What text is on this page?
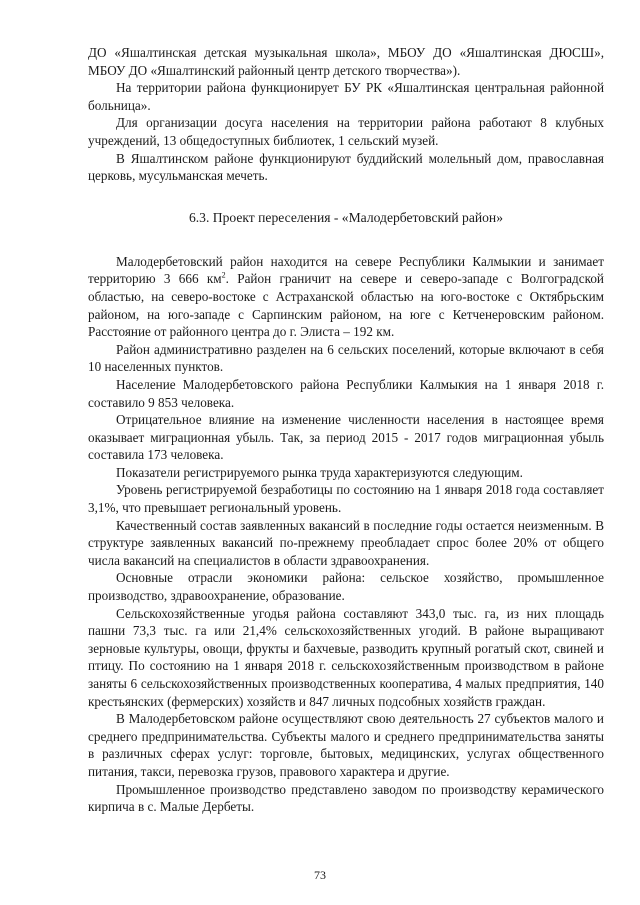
ДО «Яшалтинская детская музыкальная школа», МБОУ ДО «Яшалтинская ДЮСШ», МБОУ ДО «Яшалтинский районный центр детского творчества»).

На территории района функционирует БУ РК «Яшалтинская центральная районной больница».

Для организации досуга населения на территории района работают 8 клубных учреждений, 13 общедоступных библиотек, 1 сельский музей.

В Яшалтинском районе функционируют буддийский молельный дом, православная церковь, мусульманская мечеть.

6.3. Проект переселения - «Малодербетовский район»

Малодербетовский район находится на севере Республики Калмыкии и занимает территорию 3 666 $км^2$. Район граничит на севере и северо-западе с Волгоградской областью, на северо-востоке с Астраханской областью на юго-востоке с Октябрьским районом, на юго-западе с Сарпинским районом, на юге с Кетченеровским районом. Расстояние от районного центра до г. Элиста – 192 км.

Район административно разделен на 6 сельских поселений, которые включают в себя 10 населенных пунктов.

Население Малодербетовского района Республики Калмыкия на 1 января 2018 г. составило 9 853 человека.

Отрицательное влияние на изменение численности населения в настоящее время оказывает миграционная убыль. Так, за период 2015 - 2017 годов миграционная убыль составила 173 человека.

Показатели регистрируемого рынка труда характеризуются следующим.

Уровень регистрируемой безработицы по состоянию на 1 января 2018 года составляет 3,1%, что превышает региональный уровень.

Качественный состав заявленных вакансий в последние годы остается неизменным. В структуре заявленных вакансий по-прежнему преобладает спрос более 20% от общего числа вакансий на специалистов в области здравоохранения.

Основные отрасли экономики района: сельское хозяйство, промышленное производство, здравоохранение, образование.

Сельскохозяйственные угодья района составляют 343,0 тыс. га, из них площадь пашни 73,3 тыс. га или 21,4% сельскохозяйственных угодий. В районе выращивают зерновые культуры, овощи, фрукты и бахчевые, разводить крупный рогатый скот, свиней и птицу. По состоянию на 1 января 2018 г. сельскохозяйственным производством в районе заняты 6 сельскохозяйственных производственных кооператива, 4 малых предприятия, 140 крестьянских (фермерских) хозяйств и 847 личных подсобных хозяйств граждан.

В Малодербетовском районе осуществляют свою деятельность 27 субъектов малого и среднего предпринимательства. Субъекты малого и среднего предпринимательства заняты в различных сферах услуг: торговле, бытовых, медицинских, услугах общественного питания, такси, перевозка грузов, правового характера и другие.

Промышленное производство представлено заводом по производству керамического кирпича в с. Малые Дербеты.

73
